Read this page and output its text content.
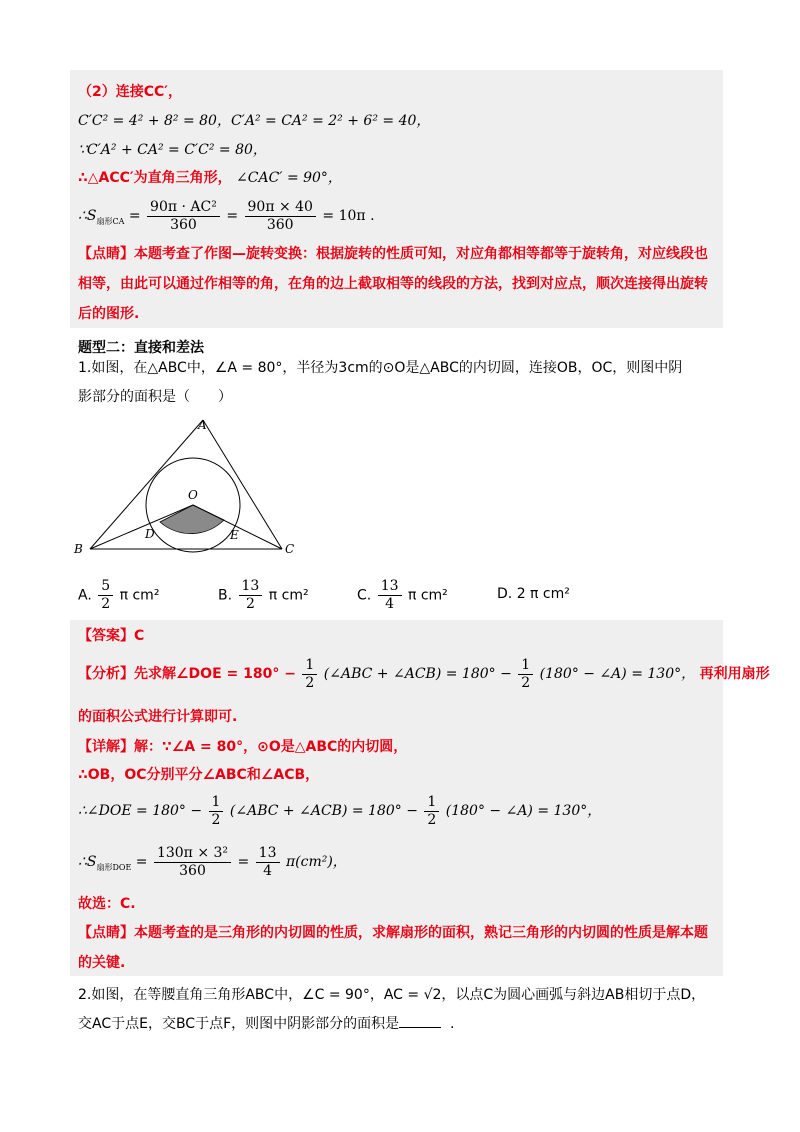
（2）连接CC′，
C′C² = 4² + 8² = 80，C′A² = CA² = 2² + 6² = 40，
∵C′A² + CA² = C′C² = 80，
∴△ACC′为直角三角形， ∠CAC′ = 90°，
$\therefore S_{扇形CA} = \frac{\text{90π · AC²}}{360} = \frac{90\pi \times 40}{360} = 10\pi$ .
【点睛】本题考查了作图—旋转变换：根据旋转的性质可知，对应角都相等都等于旋转角，对应线段也
相等，由此可以通过作相等的角，在角的边上截取相等的线段的方法，找到对应点，顺次连接得出旋转
后的图形.
题型二：直接和差法
1.如图，在△ABC中，∠A = 80°，半径为3cm的⊙O是△ABC的内切圆，连接OB，OC，则图中阴
影部分的面积是（　　）
A
B	C
O
D	E
A. $\frac{5}{2}$ π cm²	B. $\frac{13}{2}$ π cm²	C. $\frac{13}{4}$ π cm²	D. 2 π cm²
【答案】C
【分析】先求解∠DOE = $180^\circ - \frac{1}{2}$ (∠ABC + ∠ACB) = $180^\circ - \frac{1}{2} (180^\circ$ − ∠A) = 130°， 再利用扇形
的面积公式进行计算即可.
【详解】解：∵∠A = 80°，⊙O是△ABC的内切圆，
∴OB，OC分别平分∠ABC和∠ACB，
∴∠DOE = $180^\circ - \frac{1}{2}$ (∠ABC + ∠ACB) = $180^\circ - \frac{1}{2} (180^\circ$ − ∠A) = 130°，
$\therefore S_{扇形DOE} = \frac{\text{130π × 3²}}{360} = \frac{13}{4} \pi(cm^2)$，
故选：C.
【点睛】本题考查的是三角形的内切圆的性质，求解扇形的面积，熟记三角形的内切圆的性质是解本题
的关键.
2.如图，在等腰直角三角形ABC中，∠C = 90°，AC = √2，以点C为圆心画弧与斜边AB相切于点D，
交AC于点E，交BC于点F，则图中阴影部分的面积是	.
